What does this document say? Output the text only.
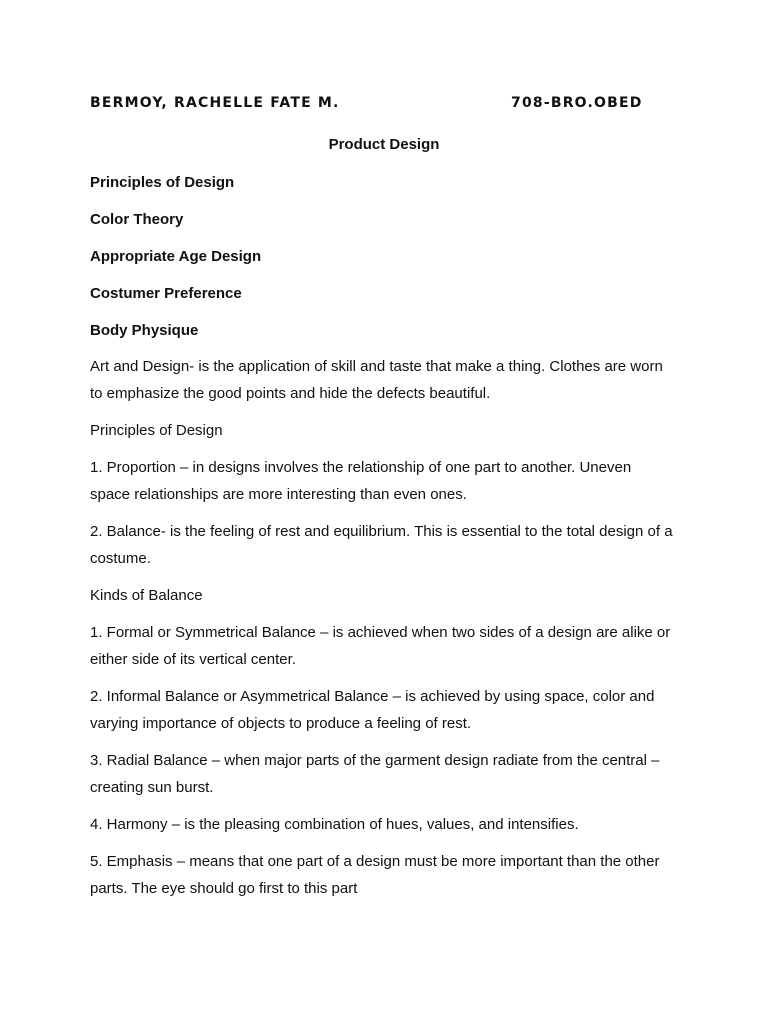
BERMOY, RACHELLE FATE M.	708-BRO.OBED
Product Design
Principles of Design
Color Theory
Appropriate Age Design
Costumer Preference
Body Physique
Art and Design- is the application of skill and taste that make a thing. Clothes are worn
to emphasize the good points and hide the defects beautiful.
Principles of Design
1. Proportion – in designs involves the relationship of one part to another. Uneven
space relationships are more interesting than even ones.
2. Balance- is the feeling of rest and equilibrium. This is essential to the total design of a
costume.
Kinds of Balance
1. Formal or Symmetrical Balance – is achieved when two sides of a design are alike or
either side of its vertical center.
2. Informal Balance or Asymmetrical Balance – is achieved by using space, color and
varying importance of objects to produce a feeling of rest.
3. Radial Balance – when major parts of the garment design radiate from the central –
creating sun burst.
4. Harmony – is the pleasing combination of hues, values, and intensifies.
5. Emphasis – means that one part of a design must be more important than the other
parts. The eye should go first to this part
